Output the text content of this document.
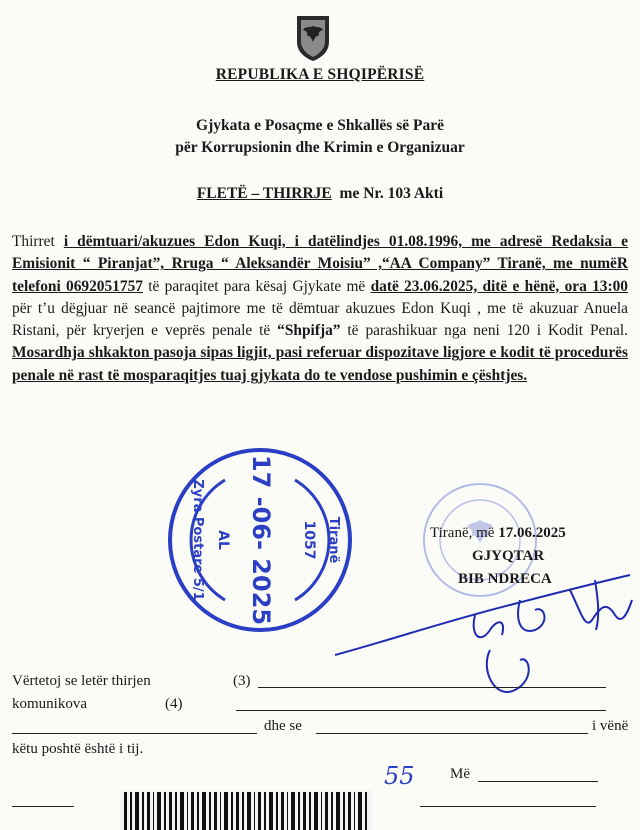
REPUBLIKA E SHQIPËRISË
Gjykata e Posaçme e Shkallës së Parë
për Korrupsionin dhe Krimin e Organizuar
FLETË – THIRRJE me Nr. 103 Akti
Thirret i dëmtuari/akuzues Edon Kuqi, i datëlindjes 01.08.1996, me adresë Redaksia e Emisionit “ Piranjat”, Rruga “ Aleksandër Moisiu” ,“AA Company” Tiranë, me numëR telefoni 0692051757 të paraqitet para kësaj Gjykate më datë 23.06.2025, ditë e hënë, ora 13:00 për t’u dëgjuar në seancë pajtimore me të dëmtuar akuzues Edon Kuqi , me të akuzuar Anuela Ristani, për kryerjen e veprës penale të “Shpifja” të parashikuar nga neni 120 i Kodit Penal. Mosardhja shkakton pasoja sipas ligjit, pasi referuar dispozitave ligjore e kodit të procedurës penale në rast të mosparaqitjes tuaj gjykata do te vendose pushimin e çështjes.
17 -06- 2025
Zyra Postare 5/1	Tiranë
1057
AL	Tiranë, më 17.06.2025
GJYQTAR
BIB NDRECA
Vërtetoj se letër thirjen	(3)
komunikova	(4)
dhe se	i vënë
këtu poshtë është i tij.
55 Më
